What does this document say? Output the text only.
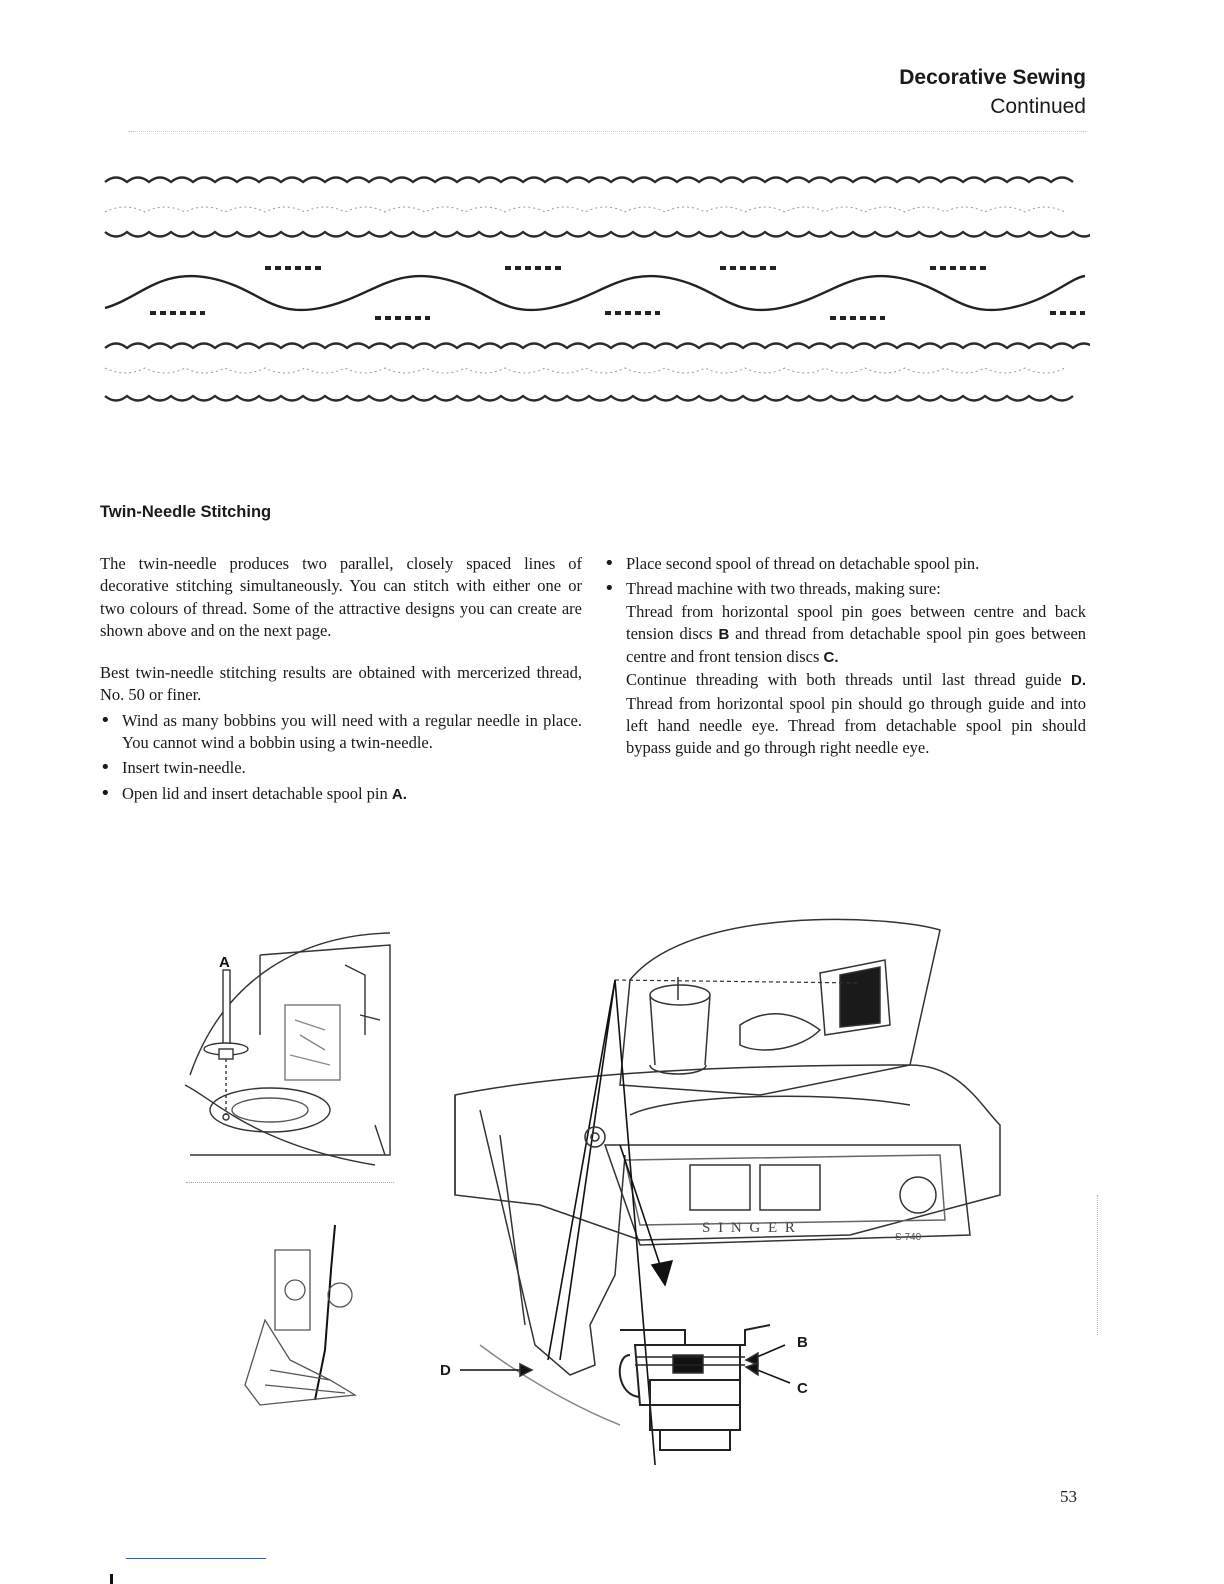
Decorative Sewing
Continued
Twin-Needle Stitching

The twin-needle produces two parallel, closely spaced lines of decorative stitching simultaneously. You can stitch with either one or two colours of thread. Some of the attractive designs you can create are shown above and on the next page.

Best twin-needle stitching results are obtained with mercerized thread, No. 50 or finer.

• Wind as many bobbins you will need with a regular needle in place. You cannot wind a bobbin using a twin-needle.
• Insert twin-needle.
• Open lid and insert detachable spool pin A.
• Place second spool of thread on detachable spool pin.
• Thread machine with two threads, making sure:

Thread from horizontal spool pin goes between centre and back tension discs B and thread from detachable spool pin goes between centre and front tension discs C.

Continue threading with both threads until last thread guide D. Thread from horizontal spool pin should go through guide and into left hand needle eye. Thread from detachable spool pin should bypass guide and go through right needle eye.

A
S I N G E R
S 740
B
C
D
53
